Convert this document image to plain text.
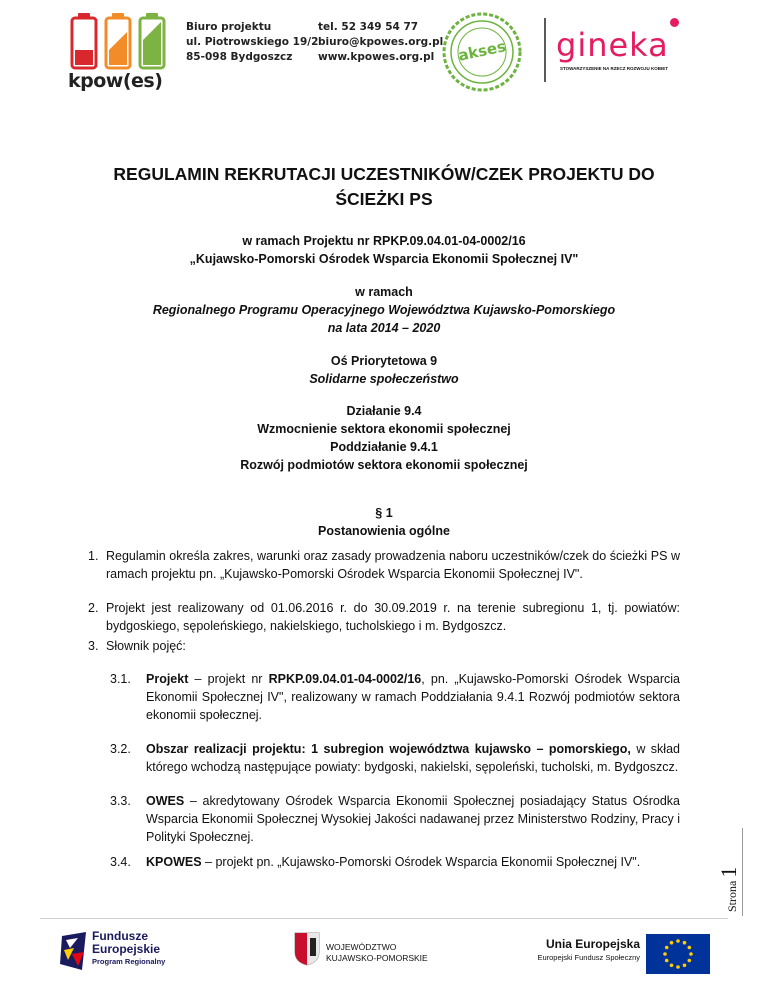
kpow(es)
Biuro projektu
ul. Piotrowskiego 19/2
85-098 Bydgoszcz
tel. 52 349 54 77
biuro@kpowes.org.pl
www.kpowes.org.pl	akses gineka
STOWARZYSZENIE NA RZECZ ROZWOJU KOBIET
REGULAMIN REKRUTACJI UCZESTNIKÓW/CZEK PROJEKTU DO ŚCIEŻKI PS
w ramach Projektu nr RPKP.09.04.01-04-0002/16
„Kujawsko-Pomorski Ośrodek Wsparcia Ekonomii Społecznej IV"
w ramach
Regionalnego Programu Operacyjnego Województwa Kujawsko-Pomorskiego
na lata 2014 – 2020
Oś Priorytetowa 9
Solidarne społeczeństwo
Działanie 9.4
Wzmocnienie sektora ekonomii społecznej
Poddziałanie 9.4.1
Rozwój podmiotów sektora ekonomii społecznej
§ 1
Postanowienia ogólne
1. Regulamin określa zakres, warunki oraz zasady prowadzenia naboru uczestników/czek do ścieżki PS w ramach projektu pn. „Kujawsko-Pomorski Ośrodek Wsparcia Ekonomii Społecznej IV".
2. Projekt jest realizowany od 01.06.2016 r. do 30.09.2019 r. na terenie subregionu 1, tj. powiatów: bydgoskiego, sępoleńskiego, nakielskiego, tucholskiego i m. Bydgoszcz.
3. Słownik pojęć:
3.1. Projekt – projekt nr RPKP.09.04.01-04-0002/16, pn. „Kujawsko-Pomorski Ośrodek Wsparcia Ekonomii Społecznej IV", realizowany w ramach Poddziałania 9.4.1 Rozwój podmiotów sektora ekonomii społecznej.
3.2. Obszar realizacji projektu: 1 subregion województwa kujawsko – pomorskiego, w skład którego wchodzą następujące powiaty: bydgoski, nakielski, sępoleński, tucholski, m. Bydgoszcz.
3.3. OWES – akredytowany Ośrodek Wsparcia Ekonomii Społecznej posiadający Status Ośrodka Wsparcia Ekonomii Społecznej Wysokiej Jakości nadawanej przez Ministerstwo Rodziny, Pracy i Polityki Społecznej.
3.4. KPOWES – projekt pn. „Kujawsko-Pomorski Ośrodek Wsparcia Ekonomii Społecznej IV".
Strona
1
Fundusze
Europejskie
Program Regionalny
WOJEWÓDZTWO
KUJAWSKO-POMORSKIE
Unia Europejska
Europejski Fundusz Społeczny
